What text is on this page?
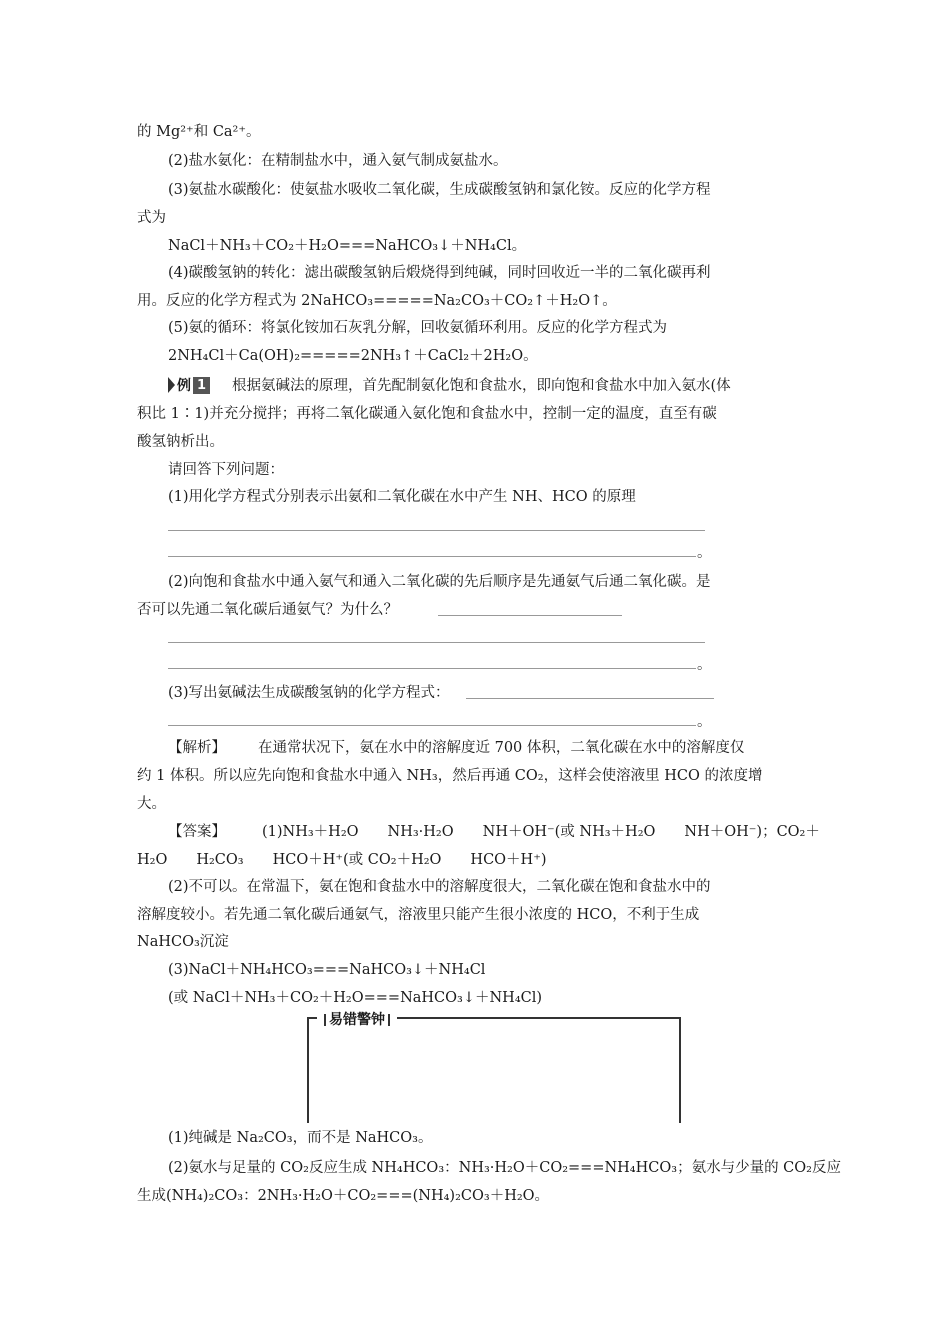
的 Mg²⁺和 Ca²⁺。
(2)盐水氨化：在精制盐水中，通入氨气制成氨盐水。
(3)氨盐水碳酸化：使氨盐水吸收二氧化碳，生成碳酸氢钠和氯化铵。反应的化学方程
式为
NaCl＋NH₃＋CO₂＋H₂O===NaHCO₃↓＋NH₄Cl。
(4)碳酸氢钠的转化：滤出碳酸氢钠后煅烧得到纯碱，同时回收近一半的二氧化碳再利
用。反应的化学方程式为 2NaHCO₃=====Na₂CO₃＋CO₂↑＋H₂O↑。
(5)氨的循环：将氯化铵加石灰乳分解，回收氨循环利用。反应的化学方程式为
2NH₄Cl＋Ca(OH)₂=====2NH₃↑＋CaCl₂＋2H₂O。
例 1 根据氨碱法的原理，首先配制氨化饱和食盐水，即向饱和食盐水中加入氨水(体
积比 1∶1)并充分搅拌；再将二氧化碳通入氨化饱和食盐水中，控制一定的温度，直至有碳
酸氢钠析出。
请回答下列问题：
(1)用化学方程式分别表示出氨和二氧化碳在水中产生 NH、HCO 的原理
。
(2)向饱和食盐水中通入氨气和通入二氧化碳的先后顺序是先通氨气后通二氧化碳。是
否可以先通二氧化碳后通氨气？为什么？
。
(3)写出氨碱法生成碳酸氢钠的化学方程式：
。
【解析】 在通常状况下，氨在水中的溶解度近 700 体积，二氧化碳在水中的溶解度仅
约 1 体积。所以应先向饱和食盐水中通入 NH₃，然后再通 CO₂，这样会使溶液里 HCO 的浓度增
大。
【答案】 (1)NH₃＋H₂O　　NH₃·H₂O　　NH＋OH⁻(或 NH₃＋H₂O　　NH＋OH⁻)；CO₂＋
H₂O　　H₂CO₃　　HCO＋H⁺(或 CO₂＋H₂O　　HCO＋H⁺)
(2)不可以。在常温下，氨在饱和食盐水中的溶解度很大，二氧化碳在饱和食盐水中的
溶解度较小。若先通二氧化碳后通氨气，溶液里只能产生很小浓度的 HCO，不利于生成
NaHCO₃沉淀
(3)NaCl＋NH₄HCO₃===NaHCO₃↓＋NH₄Cl
(或 NaCl＋NH₃＋CO₂＋H₂O===NaHCO₃↓＋NH₄Cl)
易错警钟
(1)纯碱是 Na₂CO₃，而不是 NaHCO₃。
(2)氨水与足量的 CO₂反应生成 NH₄HCO₃：NH₃·H₂O＋CO₂===NH₄HCO₃；氨水与少量的 CO₂反应
生成(NH₄)₂CO₃：2NH₃·H₂O＋CO₂===(NH₄)₂CO₃＋H₂O。
